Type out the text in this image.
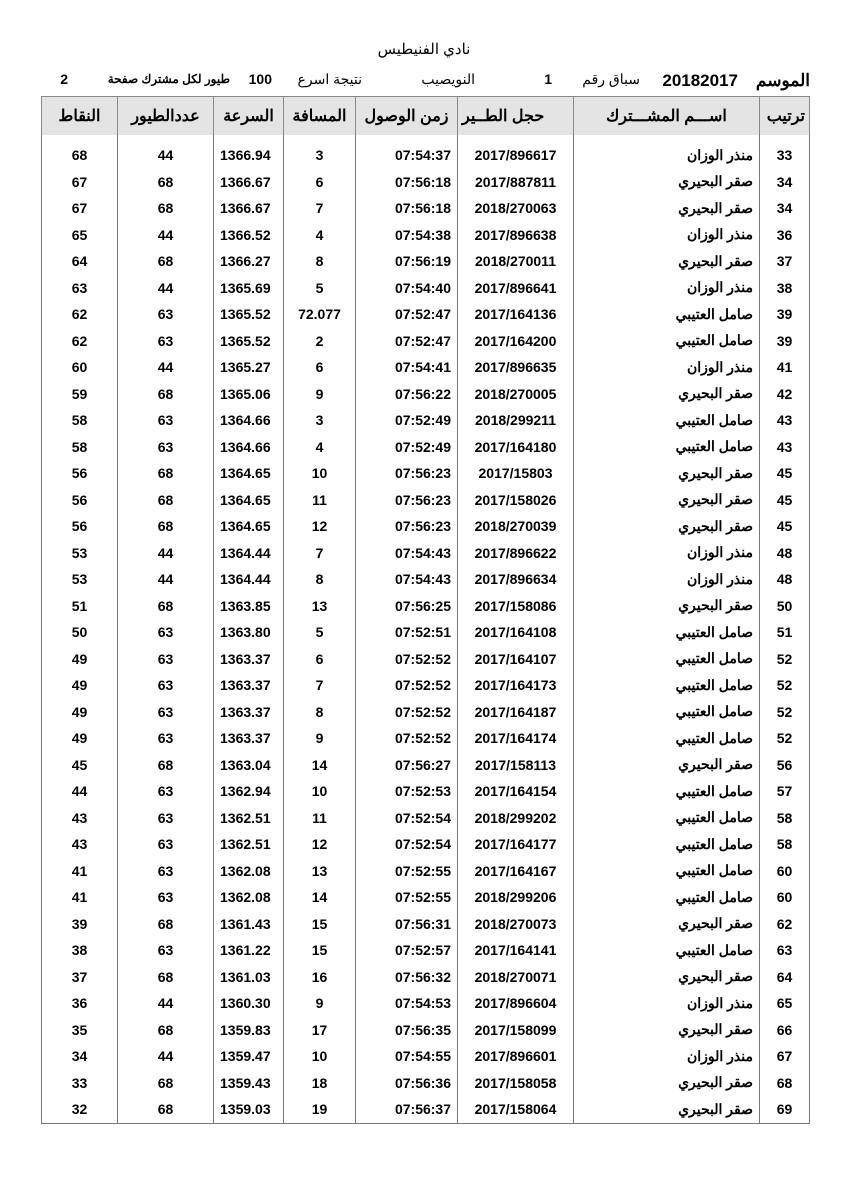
نادي الفنيطيس
الموسم
20182017
سباق رقم
1
النويصيب
نتيجة اسرع
100
طيور لكل مشترك صفحة
2
ترتيب	اســـم المشـــترك	حجل الطــير	زمن الوصول	المسافة	السرعة	عددالطيور	النقاط

33	منذر الوزان	2017/896617	07:54:37	3	1366.94	44	68
34	صقر البحيري	2017/887811	07:56:18	6	1366.67	68	67
34	صقر البحيري	2018/270063	07:56:18	7	1366.67	68	67
36	منذر الوزان	2017/896638	07:54:38	4	1366.52	44	65
37	صقر البحيري	2018/270011	07:56:19	8	1366.27	68	64
38	منذر الوزان	2017/896641	07:54:40	5	1365.69	44	63
39	صامل العتيبي	2017/164136	07:52:47	72.077	1365.52	63	62
39	صامل العتيبي	2017/164200	07:52:47	2	1365.52	63	62
41	منذر الوزان	2017/896635	07:54:41	6	1365.27	44	60
42	صقر البحيري	2018/270005	07:56:22	9	1365.06	68	59
43	صامل العتيبي	2018/299211	07:52:49	3	1364.66	63	58
43	صامل العتيبي	2017/164180	07:52:49	4	1364.66	63	58
45	صقر البحيري	2017/15803	07:56:23	10	1364.65	68	56
45	صقر البحيري	2017/158026	07:56:23	11	1364.65	68	56
45	صقر البحيري	2018/270039	07:56:23	12	1364.65	68	56
48	منذر الوزان	2017/896622	07:54:43	7	1364.44	44	53
48	منذر الوزان	2017/896634	07:54:43	8	1364.44	44	53
50	صقر البحيري	2017/158086	07:56:25	13	1363.85	68	51
51	صامل العتيبي	2017/164108	07:52:51	5	1363.80	63	50
52	صامل العتيبي	2017/164107	07:52:52	6	1363.37	63	49
52	صامل العتيبي	2017/164173	07:52:52	7	1363.37	63	49
52	صامل العتيبي	2017/164187	07:52:52	8	1363.37	63	49
52	صامل العتيبي	2017/164174	07:52:52	9	1363.37	63	49
56	صقر البحيري	2017/158113	07:56:27	14	1363.04	68	45
57	صامل العتيبي	2017/164154	07:52:53	10	1362.94	63	44
58	صامل العتيبي	2018/299202	07:52:54	11	1362.51	63	43
58	صامل العتيبي	2017/164177	07:52:54	12	1362.51	63	43
60	صامل العتيبي	2017/164167	07:52:55	13	1362.08	63	41
60	صامل العتيبي	2018/299206	07:52:55	14	1362.08	63	41
62	صقر البحيري	2018/270073	07:56:31	15	1361.43	68	39
63	صامل العتيبي	2017/164141	07:52:57	15	1361.22	63	38
64	صقر البحيري	2018/270071	07:56:32	16	1361.03	68	37
65	منذر الوزان	2017/896604	07:54:53	9	1360.30	44	36
66	صقر البحيري	2017/158099	07:56:35	17	1359.83	68	35
67	منذر الوزان	2017/896601	07:54:55	10	1359.47	44	34
68	صقر البحيري	2017/158058	07:56:36	18	1359.43	68	33
69	صقر البحيري	2017/158064	07:56:37	19	1359.03	68	32
